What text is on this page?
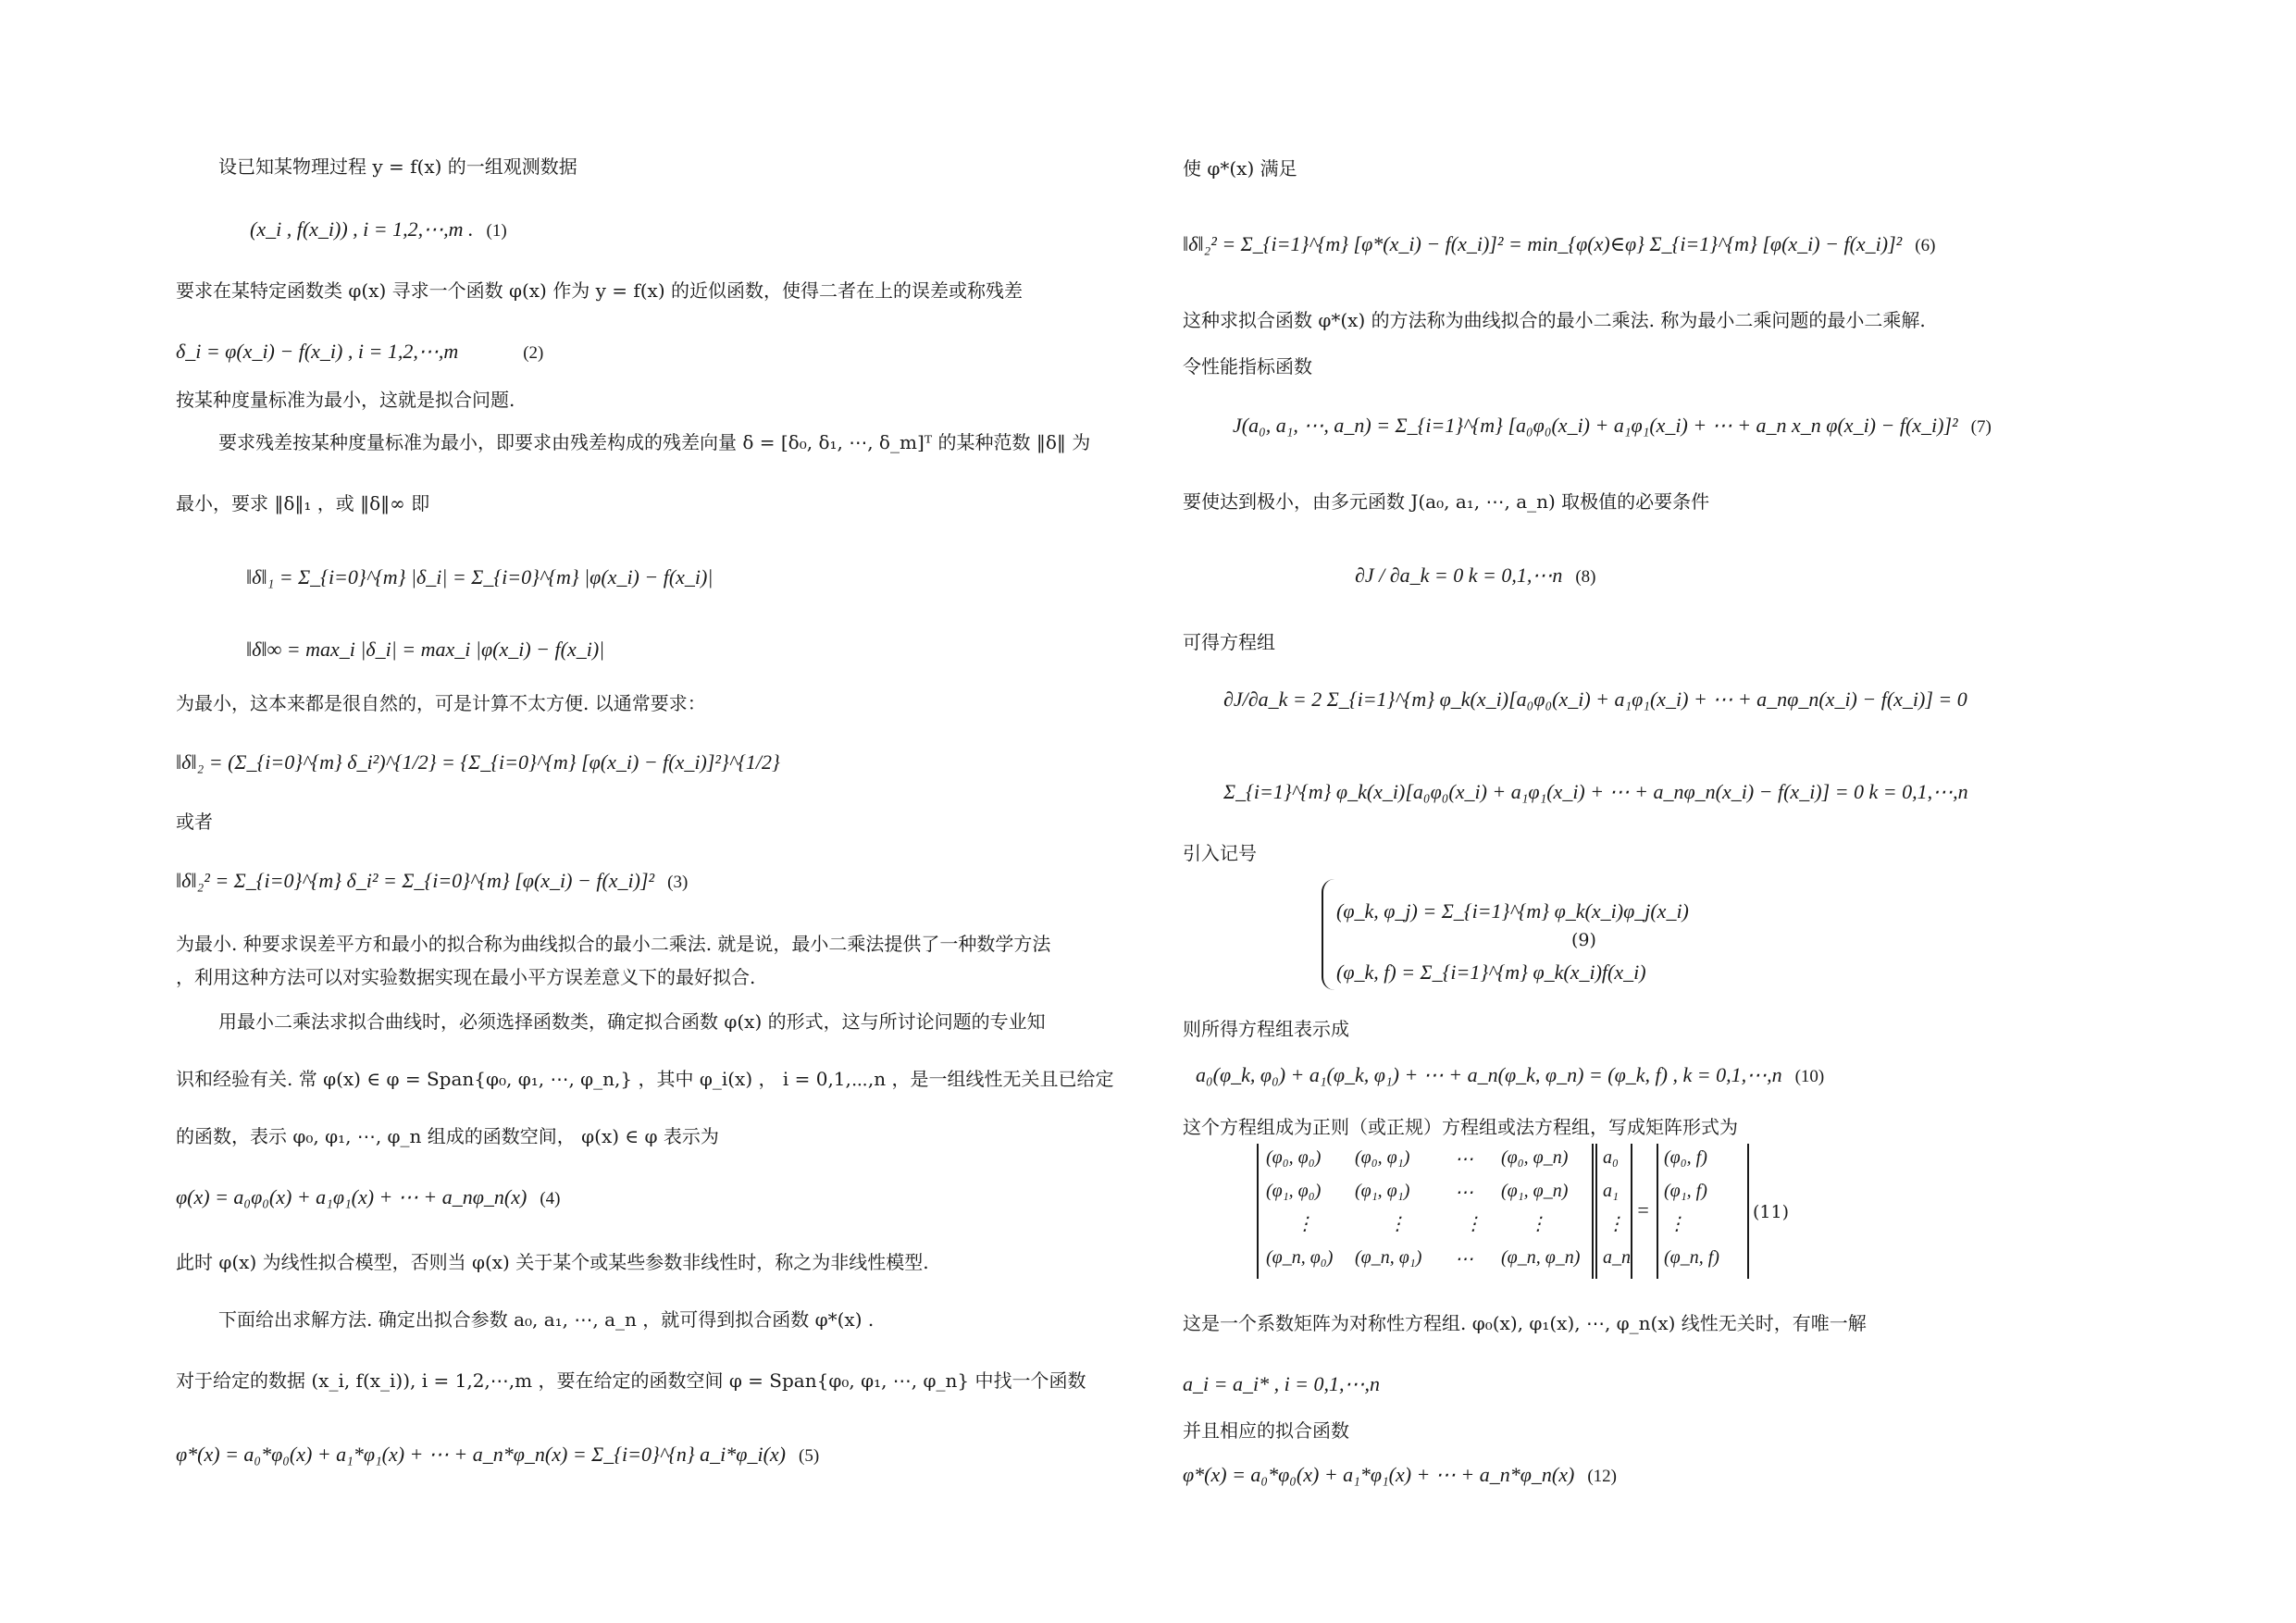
设已知某物理过程 y = f(x) 的一组观测数据
(x_i , f(x_i)) , i = 1,2,⋯,m . (1)
要求在某特定函数类 φ(x) 寻求一个函数 φ(x) 作为 y = f(x) 的近似函数，使得二者在上的误差或称残差
δ_i = φ(x_i) − f(x_i) , i = 1,2,⋯,m	(2)
按某种度量标准为最小，这就是拟合问题.
要求残差按某种度量标准为最小，即要求由残差构成的残差向量 δ = [δ₀, δ₁, ⋯, δ_m]ᵀ 的某种范数 ‖δ‖ 为
最小，要求 ‖δ‖₁ ，或 ‖δ‖∞ 即
‖δ‖₁ = Σ_{i=0}^{m} |δ_i| = Σ_{i=0}^{m} |φ(x_i) − f(x_i)|
‖δ‖∞ = max_i |δ_i| = max_i |φ(x_i) − f(x_i)|
为最小，这本来都是很自然的，可是计算不太方便. 以通常要求：
‖δ‖₂ = (Σ_{i=0}^{m} δ_i²)^{1/2} = {Σ_{i=0}^{m} [φ(x_i) − f(x_i)]²}^{1/2}
或者
‖δ‖₂² = Σ_{i=0}^{m} δ_i² = Σ_{i=0}^{m} [φ(x_i) − f(x_i)]² (3)
为最小. 种要求误差平方和最小的拟合称为曲线拟合的最小二乘法. 就是说，最小二乘法提供了一种数学方法
，利用这种方法可以对实验数据实现在最小平方误差意义下的最好拟合.
用最小二乘法求拟合曲线时，必须选择函数类，确定拟合函数 φ(x) 的形式，这与所讨论问题的专业知
识和经验有关. 常 φ(x) ∈ φ = Span{φ₀, φ₁, ⋯, φ_n,} ，其中 φ_i(x) ， i = 0,1,⋯,n ，是一组线性无关且已给定
的函数，表示 φ₀, φ₁, ⋯, φ_n 组成的函数空间， φ(x) ∈ φ 表示为
φ(x) = a₀φ₀(x) + a₁φ₁(x) + ⋯ + a_nφ_n(x) (4)
此时 φ(x) 为线性拟合模型，否则当 φ(x) 关于某个或某些参数非线性时，称之为非线性模型.
下面给出求解方法. 确定出拟合参数 a₀, a₁, ⋯, a_n ，就可得到拟合函数 φ*(x) .
对于给定的数据 (x_i, f(x_i)), i = 1,2,⋯,m ，要在给定的函数空间 φ = Span{φ₀, φ₁, ⋯, φ_n} 中找一个函数
φ*(x) = a₀*φ₀(x) + a₁*φ₁(x) + ⋯ + a_n*φ_n(x) = Σ_{i=0}^{n} a_i*φ_i(x) (5)
使 φ*(x) 满足
‖δ‖₂² = Σ_{i=1}^{m} [φ*(x_i) − f(x_i)]² = min_{φ(x)∈φ} Σ_{i=1}^{m} [φ(x_i) − f(x_i)]² (6)
这种求拟合函数 φ*(x) 的方法称为曲线拟合的最小二乘法. 称为最小二乘问题的最小二乘解.
令性能指标函数
J(a₀, a₁, ⋯, a_n) = Σ_{i=1}^{m} [a₀φ₀(x_i) + a₁φ₁(x_i) + ⋯ + a_n x_n φ(x_i) − f(x_i)]² (7)
要使达到极小，由多元函数 J(a₀, a₁, ⋯, a_n) 取极值的必要条件
∂J / ∂a_k = 0 k = 0,1,⋯n (8)
可得方程组
∂J/∂a_k = 2 Σ_{i=1}^{m} φ_k(x_i)[a₀φ₀(x_i) + a₁φ₁(x_i) + ⋯ + a_nφ_n(x_i) − f(x_i)] = 0
Σ_{i=1}^{m} φ_k(x_i)[a₀φ₀(x_i) + a₁φ₁(x_i) + ⋯ + a_nφ_n(x_i) − f(x_i)] = 0 k = 0,1,⋯,n
引入记号
(φ_k, φ_j) = Σ_{i=1}^{m} φ_k(x_i)φ_j(x_i)
(φ_k, f) = Σ_{i=1}^{m} φ_k(x_i)f(x_i)
(9)
则所得方程组表示成
a₀(φ_k, φ₀) + a₁(φ_k, φ₁) + ⋯ + a_n(φ_k, φ_n) = (φ_k, f) , k = 0,1,⋯,n (10)
这个方程组成为正则（或正规）方程组或法方程组，写成矩阵形式为
(φ₀, φ₀) (φ₀, φ₁) ⋯ (φ₀, φ_n)
(φ₁, φ₀) (φ₁, φ₁) ⋯ (φ₁, φ_n)
⋮	⋮	⋮	⋮
(φ_n, φ₀) (φ_n, φ₁) ⋯ (φ_n, φ_n)
a₀
a₁
⋮
a_n
=
(φ₀, f)
(φ₁, f)
⋮
(φ_n, f)
(11)
这是一个系数矩阵为对称性方程组. φ₀(x), φ₁(x), ⋯, φ_n(x) 线性无关时，有唯一解
a_i = a_i* , i = 0,1,⋯,n
并且相应的拟合函数
φ*(x) = a₀*φ₀(x) + a₁*φ₁(x) + ⋯ + a_n*φ_n(x) (12)
